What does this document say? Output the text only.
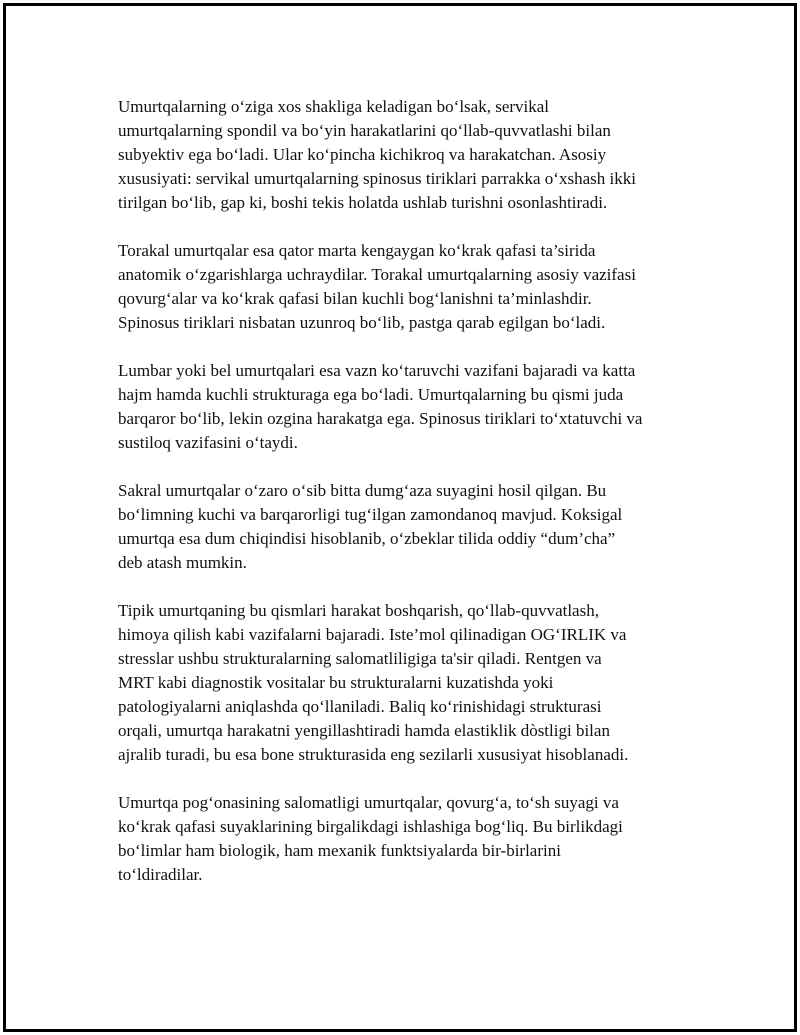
Umurtqalarning o‘ziga xos shakliga keladigan bo‘lsak, servikal
umurtqalarning spondil va bo‘yin harakatlarini qo‘llab-quvvatlashi bilan
subyektiv ega bo‘ladi. Ular ko‘pincha kichikroq va harakatchan. Asosiy
xususiyati: servikal umurtqalarning spinosus tiriklari parrakka o‘xshash ikki
tirilgan bo‘lib, gap ki, boshi tekis holatda ushlab turishni osonlashtiradi.
Torakal umurtqalar esa qator marta kengaygan ko‘krak qafasi ta’sirida
anatomik o‘zgarishlarga uchraydilar. Torakal umurtqalarning asosiy vazifasi
qovurg‘alar va ko‘krak qafasi bilan kuchli bog‘lanishni ta’minlashdir.
Spinosus tiriklari nisbatan uzunroq bo‘lib, pastga qarab egilgan bo‘ladi.
Lumbar yoki bel umurtqalari esa vazn ko‘taruvchi vazifani bajaradi va katta
hajm hamda kuchli strukturaga ega bo‘ladi. Umurtqalarning bu qismi juda
barqaror bo‘lib, lekin ozgina harakatga ega. Spinosus tiriklari to‘xtatuvchi va
sustiloq vazifasini o‘taydi.
Sakral umurtqalar o‘zaro o‘sib bitta dumg‘aza suyagini hosil qilgan. Bu
bo‘limning kuchi va barqarorligi tug‘ilgan zamondanoq mavjud. Koksigal
umurtqa esa dum chiqindisi hisoblanib, o‘zbeklar tilida oddiy “dum’cha”
deb atash mumkin.
Tipik umurtqaning bu qismlari harakat boshqarish, qo‘llab-quvvatlash,
himoya qilish kabi vazifalarni bajaradi. Iste’mol qilinadigan OG‘IRLIK va
stresslar ushbu strukturalarning salomatliligiga ta'sir qiladi. Rentgen va
MRT kabi diagnostik vositalar bu strukturalarni kuzatishda yoki
patologiyalarni aniqlashda qo‘llaniladi. Baliq ko‘rinishidagi strukturasi
orqali, umurtqa harakatni yengillashtiradi hamda elastiklik dòstligi bilan
ajralib turadi, bu esa bone strukturasida eng sezilarli xususiyat hisoblanadi.
Umurtqa pog‘onasining salomatligi umurtqalar, qovurg‘a, to‘sh suyagi va
ko‘krak qafasi suyaklarining birgalikdagi ishlashiga bog‘liq. Bu birlikdagi
bo‘limlar ham biologik, ham mexanik funktsiyalarda bir-birlarini
to‘ldiradilar.
